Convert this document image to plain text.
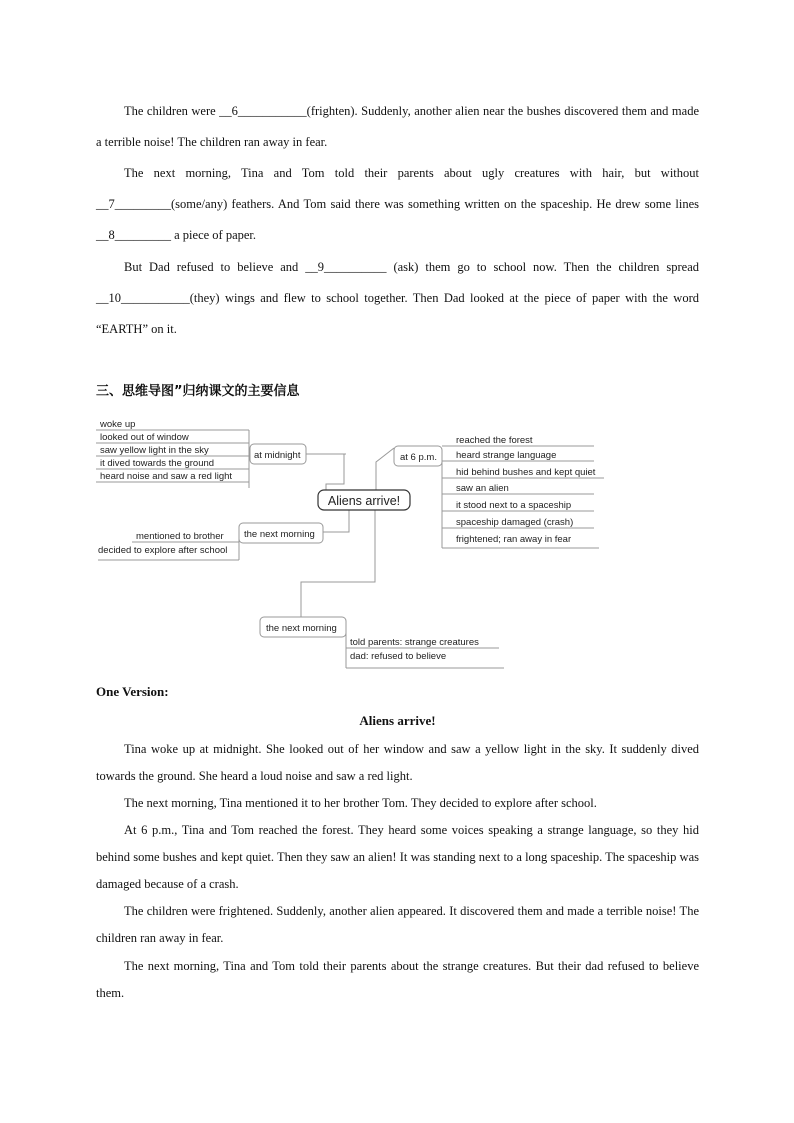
The children were __6___________(frighten). Suddenly, another alien near the bushes discovered them and made a terrible noise! The children ran away in fear.

The next morning, Tina and Tom told their parents about ugly creatures with hair, but without __7_________(some/any) feathers. And Tom said there was something written on the spaceship. He drew some lines __8_________ a piece of paper.

But Dad refused to believe and __9__________ (ask) them go to school now. Then the children spread __10___________(they) wings and flew to school together. Then Dad looked at the piece of paper with the word “EARTH” on it.

三、思维导图”归纳课文的主要信息
woke up
looked out of window
saw yellow light in the sky
it dived towards the ground
heard noise and saw a red light
at midnight
Aliens arrive!
at 6 p.m.
reached the forest
heard strange language
hid behind bushes and kept quiet
saw an alien
it stood next to a spaceship
spaceship damaged (crash)
frightened; ran away in fear
the next morning
mentioned to brother
decided to explore after school
the next morning
told parents: strange creatures
dad: refused to believe

One Version:

Aliens arrive!

Tina woke up at midnight. She looked out of her window and saw a yellow light in the sky. It suddenly dived towards the ground. She heard a loud noise and saw a red light.

The next morning, Tina mentioned it to her brother Tom. They decided to explore after school.

At 6 p.m., Tina and Tom reached the forest. They heard some voices speaking a strange language, so they hid behind some bushes and kept quiet. Then they saw an alien! It was standing next to a long spaceship. The spaceship was damaged because of a crash.

The children were frightened. Suddenly, another alien appeared. It discovered them and made a terrible noise! The children ran away in fear.

The next morning, Tina and Tom told their parents about the strange creatures. But their dad refused to believe them.
